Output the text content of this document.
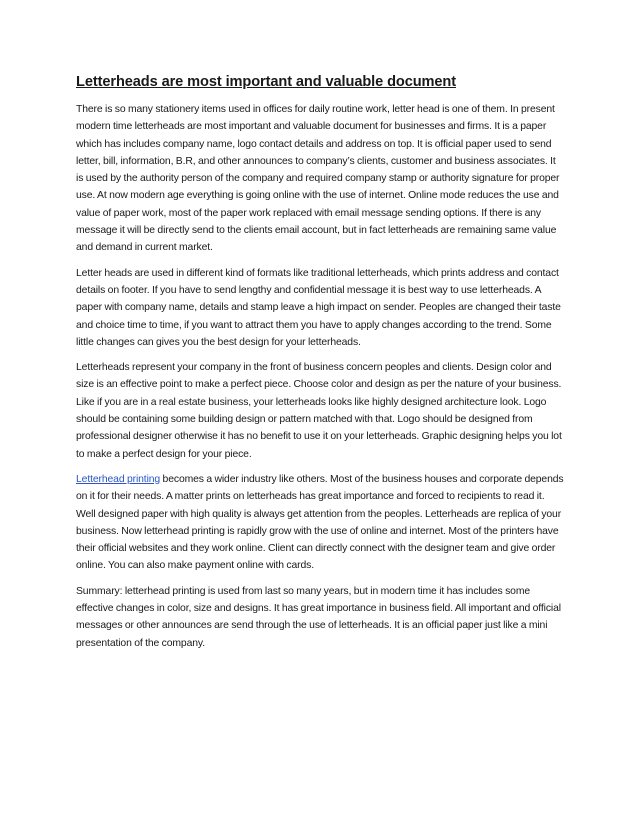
Letterheads are most important and valuable document

There is so many stationery items used in offices for daily routine work, letter head is one of them. In present modern time letterheads are most important and valuable document for businesses and firms. It is a paper which has includes company name, logo contact details and address on top. It is official paper used to send letter, bill, information, B.R, and other announces to company’s clients, customer and business associates. It is used by the authority person of the company and required company stamp or authority signature for proper use. At now modern age everything is going online with the use of internet. Online mode reduces the use and value of paper work, most of the paper work replaced with email message sending options. If there is any message it will be directly send to the clients email account, but in fact letterheads are remaining same value and demand in current market.

Letter heads are used in different kind of formats like traditional letterheads, which prints address and contact details on footer. If you have to send lengthy and confidential message it is best way to use letterheads. A paper with company name, details and stamp leave a high impact on sender. Peoples are changed their taste and choice time to time, if you want to attract them you have to apply changes according to the trend. Some little changes can gives you the best design for your letterheads.

Letterheads represent your company in the front of business concern peoples and clients. Design color and size is an effective point to make a perfect piece. Choose color and design as per the nature of your business. Like if you are in a real estate business, your letterheads looks like highly designed architecture look. Logo should be containing some building design or pattern matched with that. Logo should be designed from professional designer otherwise it has no benefit to use it on your letterheads. Graphic designing helps you lot to make a perfect design for your piece.

Letterhead printing becomes a wider industry like others. Most of the business houses and corporate depends on it for their needs. A matter prints on letterheads has great importance and forced to recipients to read it. Well designed paper with high quality is always get attention from the peoples. Letterheads are replica of your business. Now letterhead printing is rapidly grow with the use of online and internet. Most of the printers have their official websites and they work online. Client can directly connect with the designer team and give order online. You can also make payment online with cards.

Summary: letterhead printing is used from last so many years, but in modern time it has includes some effective changes in color, size and designs. It has great importance in business field. All important and official messages or other announces are send through the use of letterheads. It is an official paper just like a mini presentation of the company.
